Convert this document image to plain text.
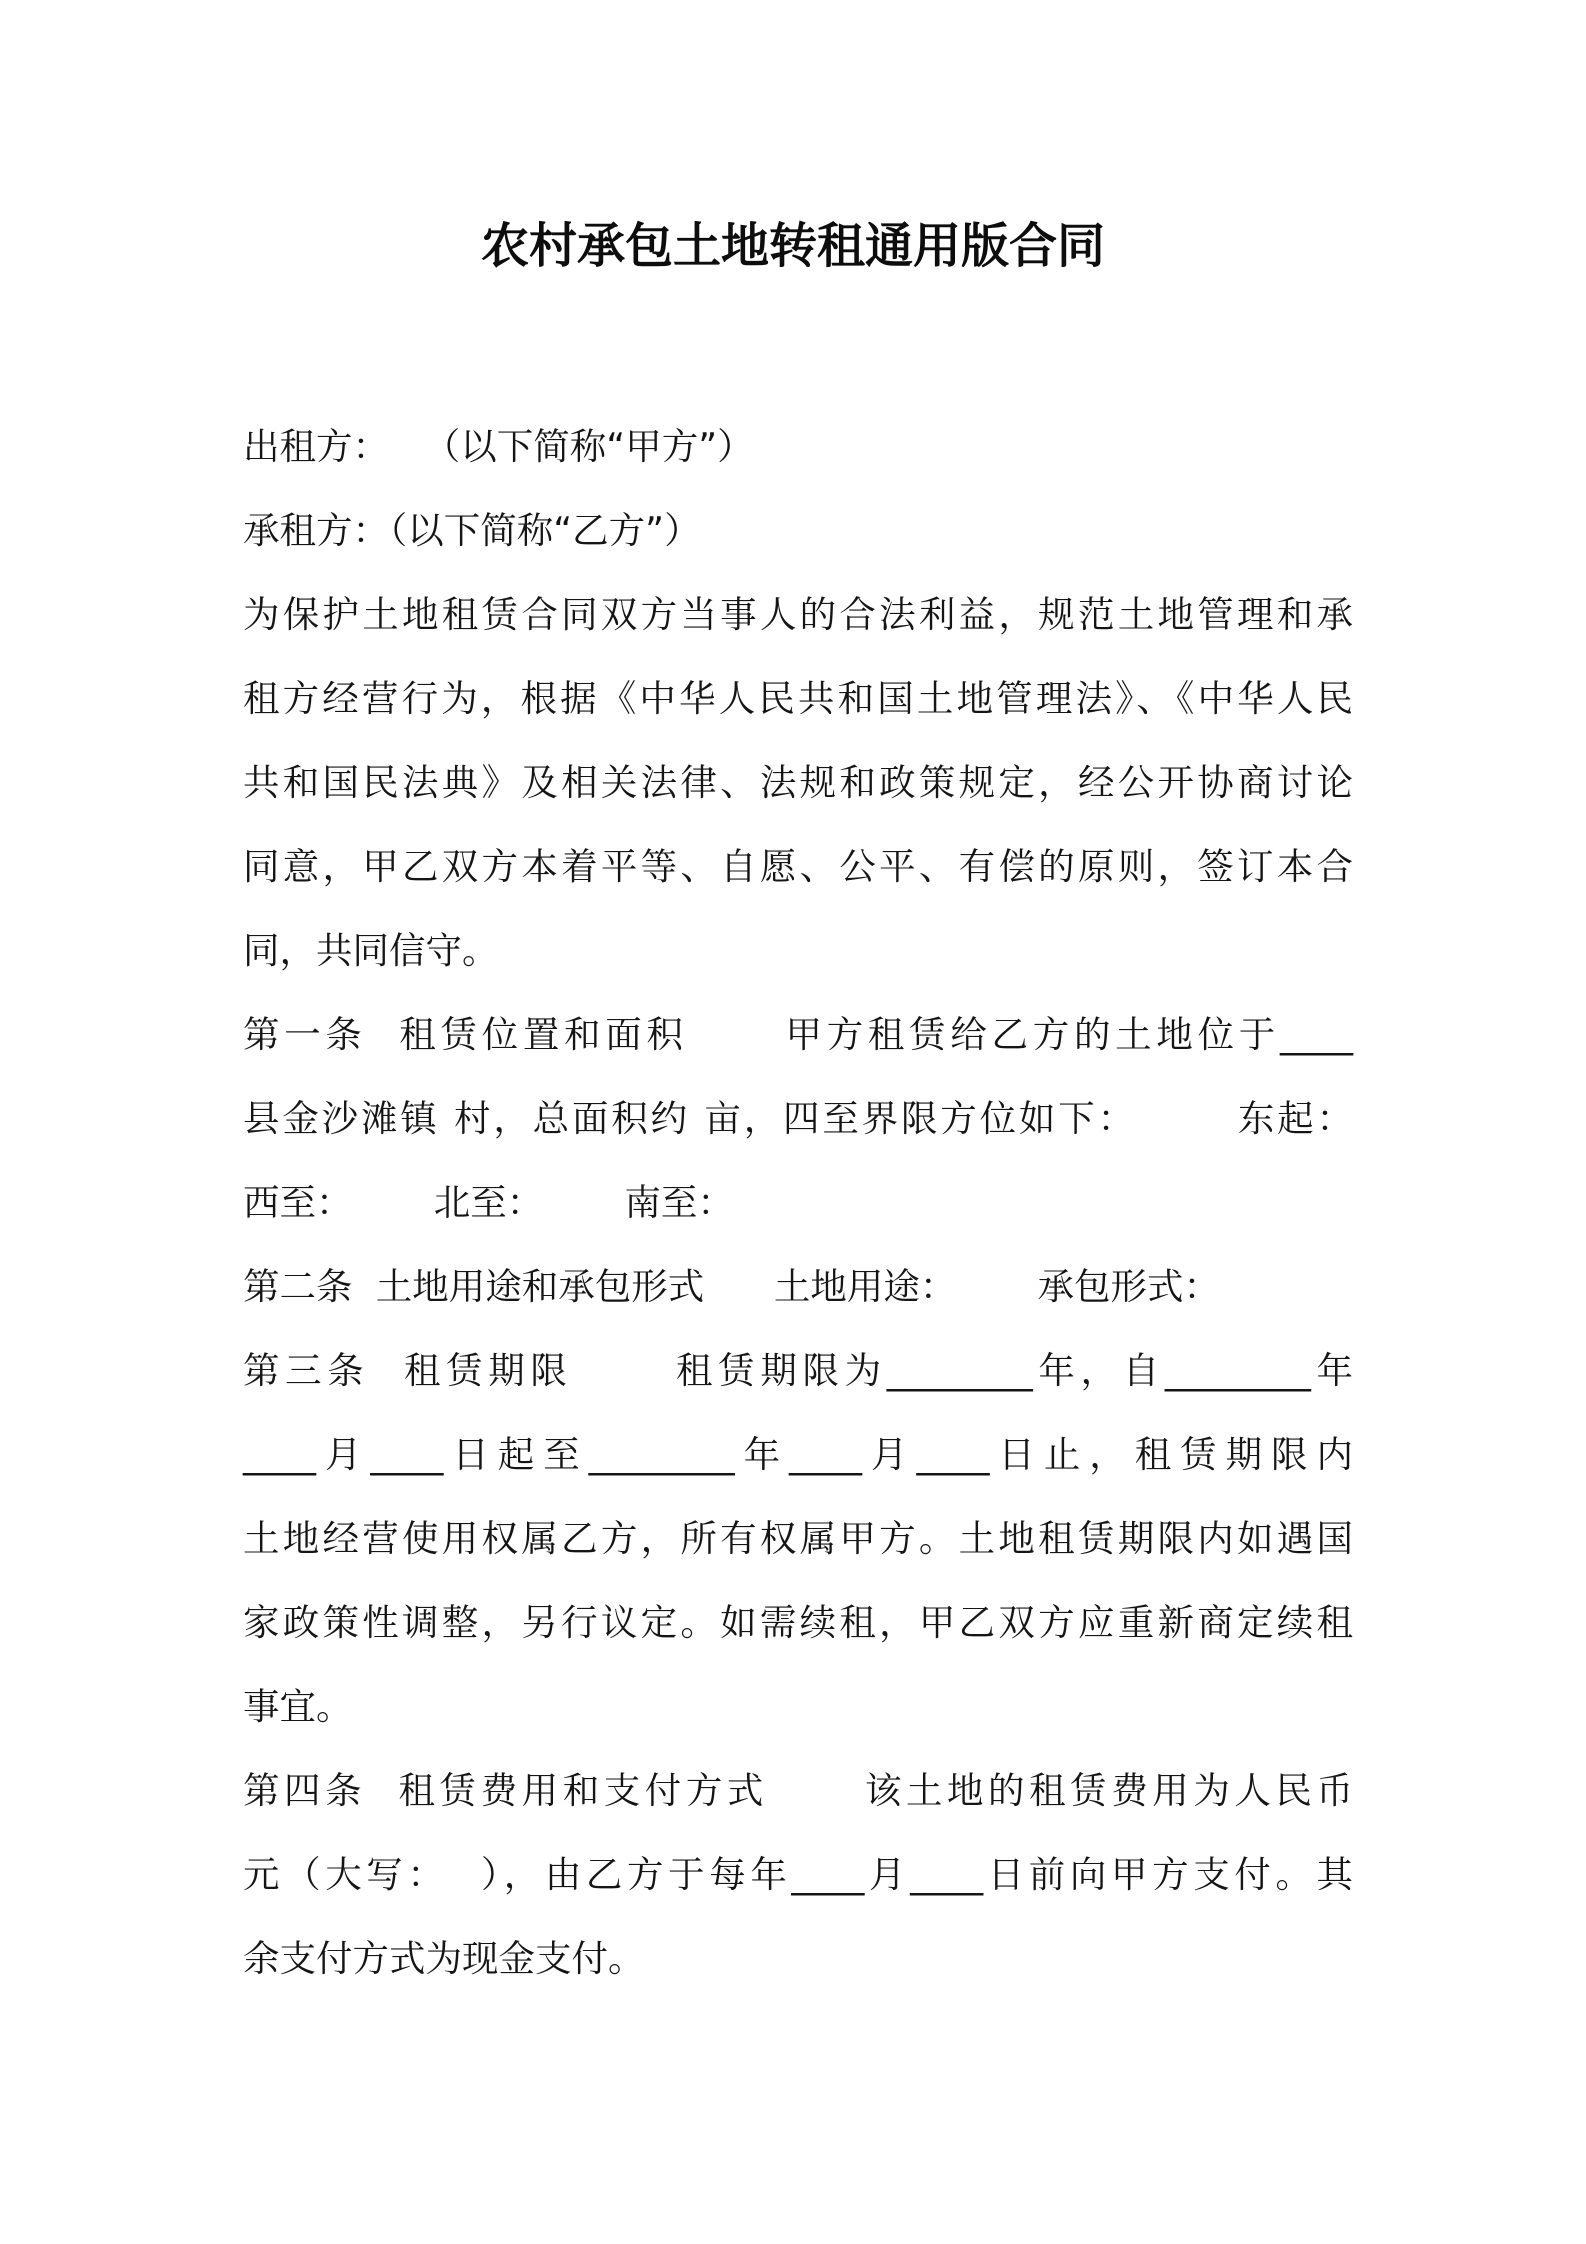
农村承包土地转租通用版合同
出租方：   （以下简称“甲方”）
承租方：（以下简称“乙方”）
为保护土地租赁合同双方当事人的合法利益，规范土地管理和承
租方经营行为，根据《中华人民共和国土地管理法》、《中华人民
共和国民法典》及相关法律、法规和政策规定，经公开协商讨论
同意，甲乙双方本着平等、自愿、公平、有偿的原则，签订本合
同，共同信守。
第一条  租赁位置和面积      甲方租赁给乙方的土地位于____
县金沙滩镇 村，总面积约 亩，四至界限方位如下：       东起：
西至：       北至：       南至：
第二条  土地用途和承包形式      土地用途：       承包形式：
第三条  租赁期限      租赁期限为________年，自________年
____月____日起至________年____月____日止，租赁期限内
土地经营使用权属乙方，所有权属甲方。土地租赁期限内如遇国
家政策性调整，另行议定。如需续租，甲乙双方应重新商定续租
事宜。
第四条  租赁费用和支付方式      该土地的租赁费用为人民币
元（大写：  ），由乙方于每年____月____日前向甲方支付。其
余支付方式为现金支付。
